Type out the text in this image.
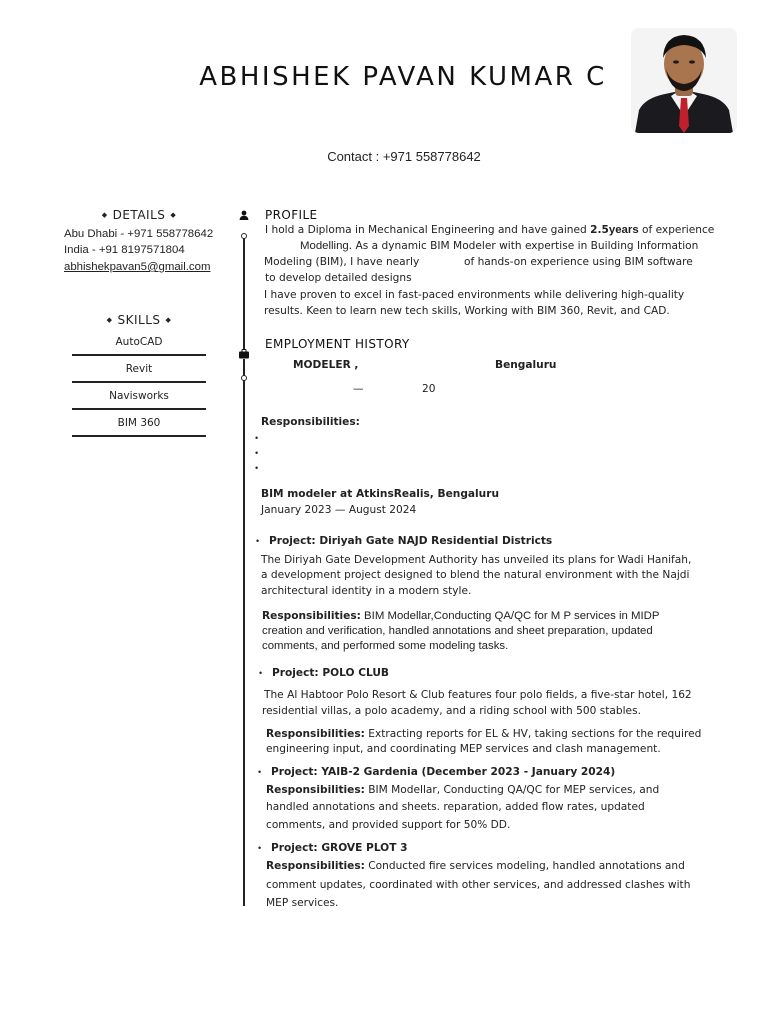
ABHISHEK PAVAN KUMAR C
Contact : +971 558778642
◆ DETAILS ◆
Abu Dhabi - +971 558778642
India - +91 8197571804
abhishekpavan5@gmail.com
◆ SKILLS ◆
AutoCAD
Revit
Navisworks
BIM 360
PROFILE
I hold a Diploma in Mechanical Engineering and have gained 2.5years of experience
Modelling. As a dynamic BIM Modeler with expertise in Building Information
Modeling (BIM), I have nearly	of hands-on experience using BIM software
to develop detailed designs
I have proven to excel in fast-paced environments while delivering high-quality
results. Keen to learn new tech skills, Working with BIM 360, Revit, and CAD.
EMPLOYMENT HISTORY
MODELER ,	Bengaluru
—	20
Responsibilities:
•
•
•
BIM modeler at AtkinsRealis, Bengaluru
January 2023 — August 2024
• Project: Diriyah Gate NAJD Residential Districts
The Diriyah Gate Development Authority has unveiled its plans for Wadi Hanifah,
a development project designed to blend the natural environment with the Najdi
architectural identity in a modern style.
Responsibilities: BIM Modellar,Conducting QA/QC for M P services in MIDP
creation and verification, handled annotations and sheet preparation, updated
comments, and performed some modeling tasks.
• Project: POLO CLUB
The Al Habtoor Polo Resort & Club features four polo fields, a five-star hotel, 162
residential villas, a polo academy, and a riding school with 500 stables.
Responsibilities: Extracting reports for EL & HV, taking sections for the required
engineering input, and coordinating MEP services and clash management.
• Project: YAIB-2 Gardenia (December 2023 - January 2024)
Responsibilities: BIM Modellar, Conducting QA/QC for MEP services, and
handled annotations and sheets. reparation, added flow rates, updated
comments, and provided support for 50% DD.
• Project: GROVE PLOT 3
Responsibilities: Conducted fire services modeling, handled annotations and
comment updates, coordinated with other services, and addressed clashes with
MEP services.
